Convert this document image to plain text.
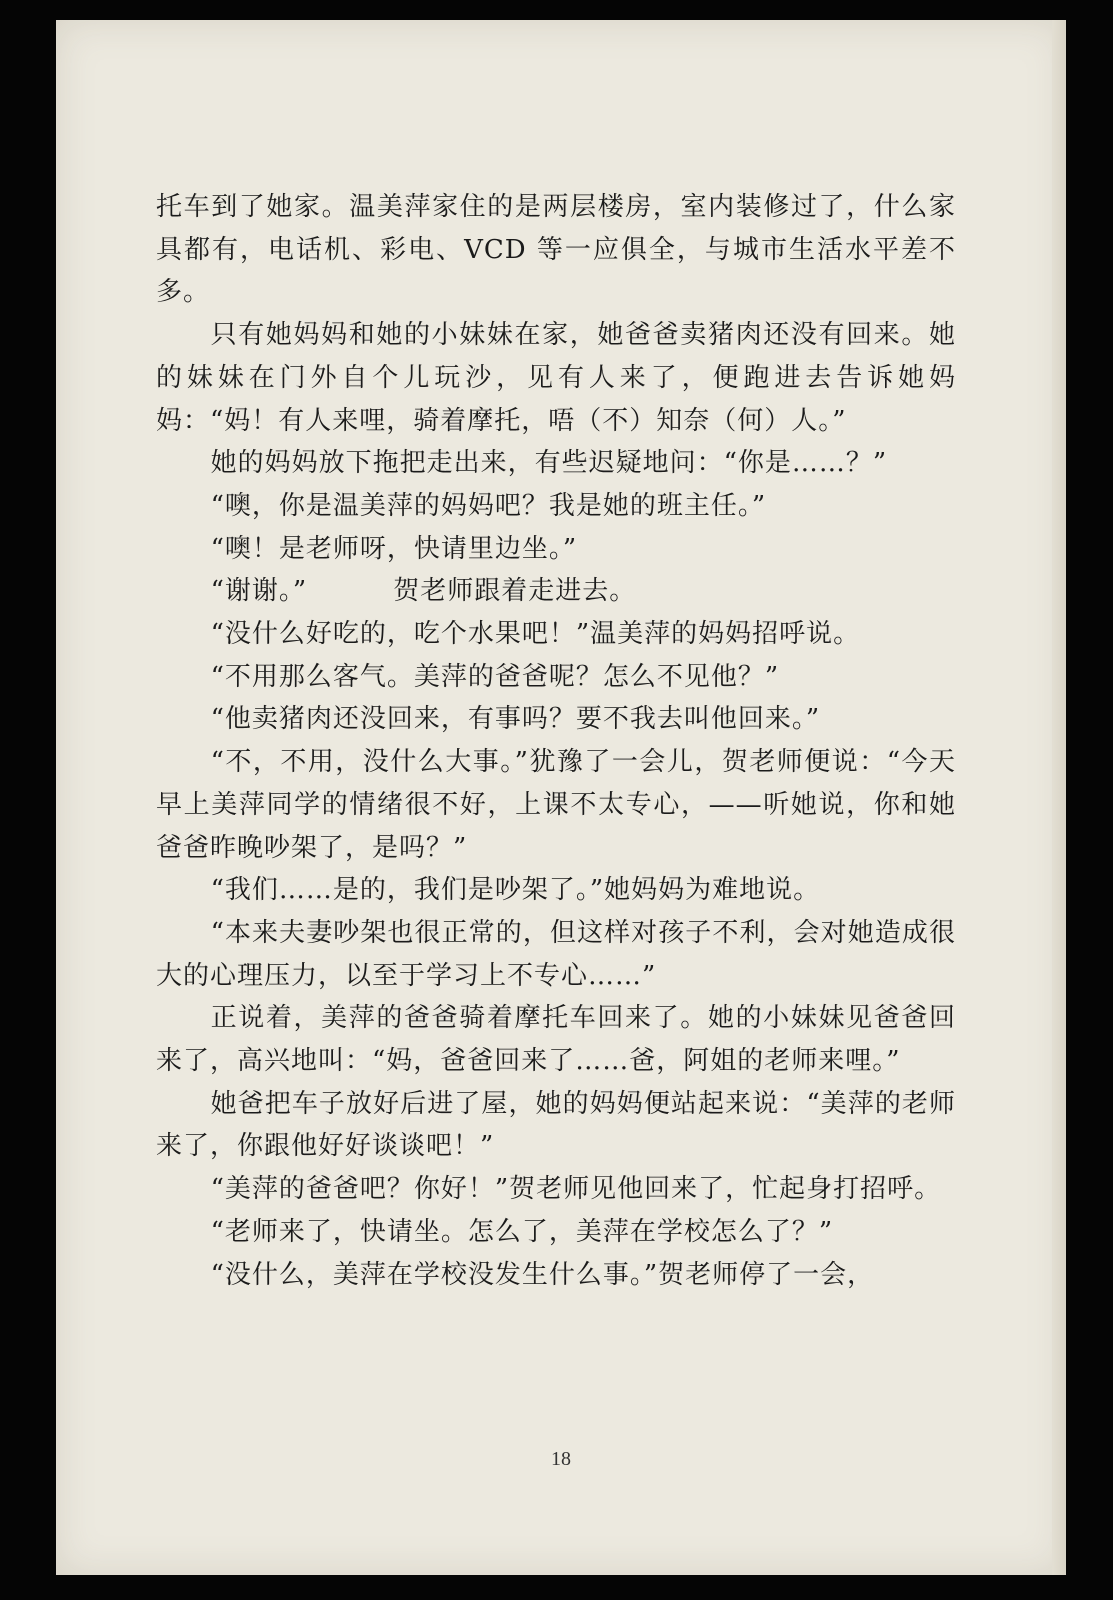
托车到了她家。温美萍家住的是两层楼房，室内装修过了，什么家具都有，电话机、彩电、VCD 等一应俱全，与城市生活水平差不多。

只有她妈妈和她的小妹妹在家，她爸爸卖猪肉还没有回来。她的妹妹在门外自个儿玩沙，见有人来了，便跑进去告诉她妈妈：“妈！有人来哩，骑着摩托，唔（不）知奈（何）人。”

她的妈妈放下拖把走出来，有些迟疑地问：“你是……？”

“噢，你是温美萍的妈妈吧？我是她的班主任。”

“噢！是老师呀，快请里边坐。”

“谢谢。”	贺老师跟着走进去。

“没什么好吃的，吃个水果吧！”温美萍的妈妈招呼说。

“不用那么客气。美萍的爸爸呢？怎么不见他？”

“他卖猪肉还没回来，有事吗？要不我去叫他回来。”

“不，不用，没什么大事。”犹豫了一会儿，贺老师便说：“今天早上美萍同学的情绪很不好，上课不太专心，——听她说，你和她爸爸昨晚吵架了，是吗？”

“我们……是的，我们是吵架了。”她妈妈为难地说。

“本来夫妻吵架也很正常的，但这样对孩子不利，会对她造成很大的心理压力，以至于学习上不专心……”

正说着，美萍的爸爸骑着摩托车回来了。她的小妹妹见爸爸回来了，高兴地叫：“妈，爸爸回来了……爸，阿姐的老师来哩。”

她爸把车子放好后进了屋，她的妈妈便站起来说：“美萍的老师来了，你跟他好好谈谈吧！”

“美萍的爸爸吧？你好！”贺老师见他回来了，忙起身打招呼。

“老师来了，快请坐。怎么了，美萍在学校怎么了？”

“没什么，美萍在学校没发生什么事。”贺老师停了一会，

18
